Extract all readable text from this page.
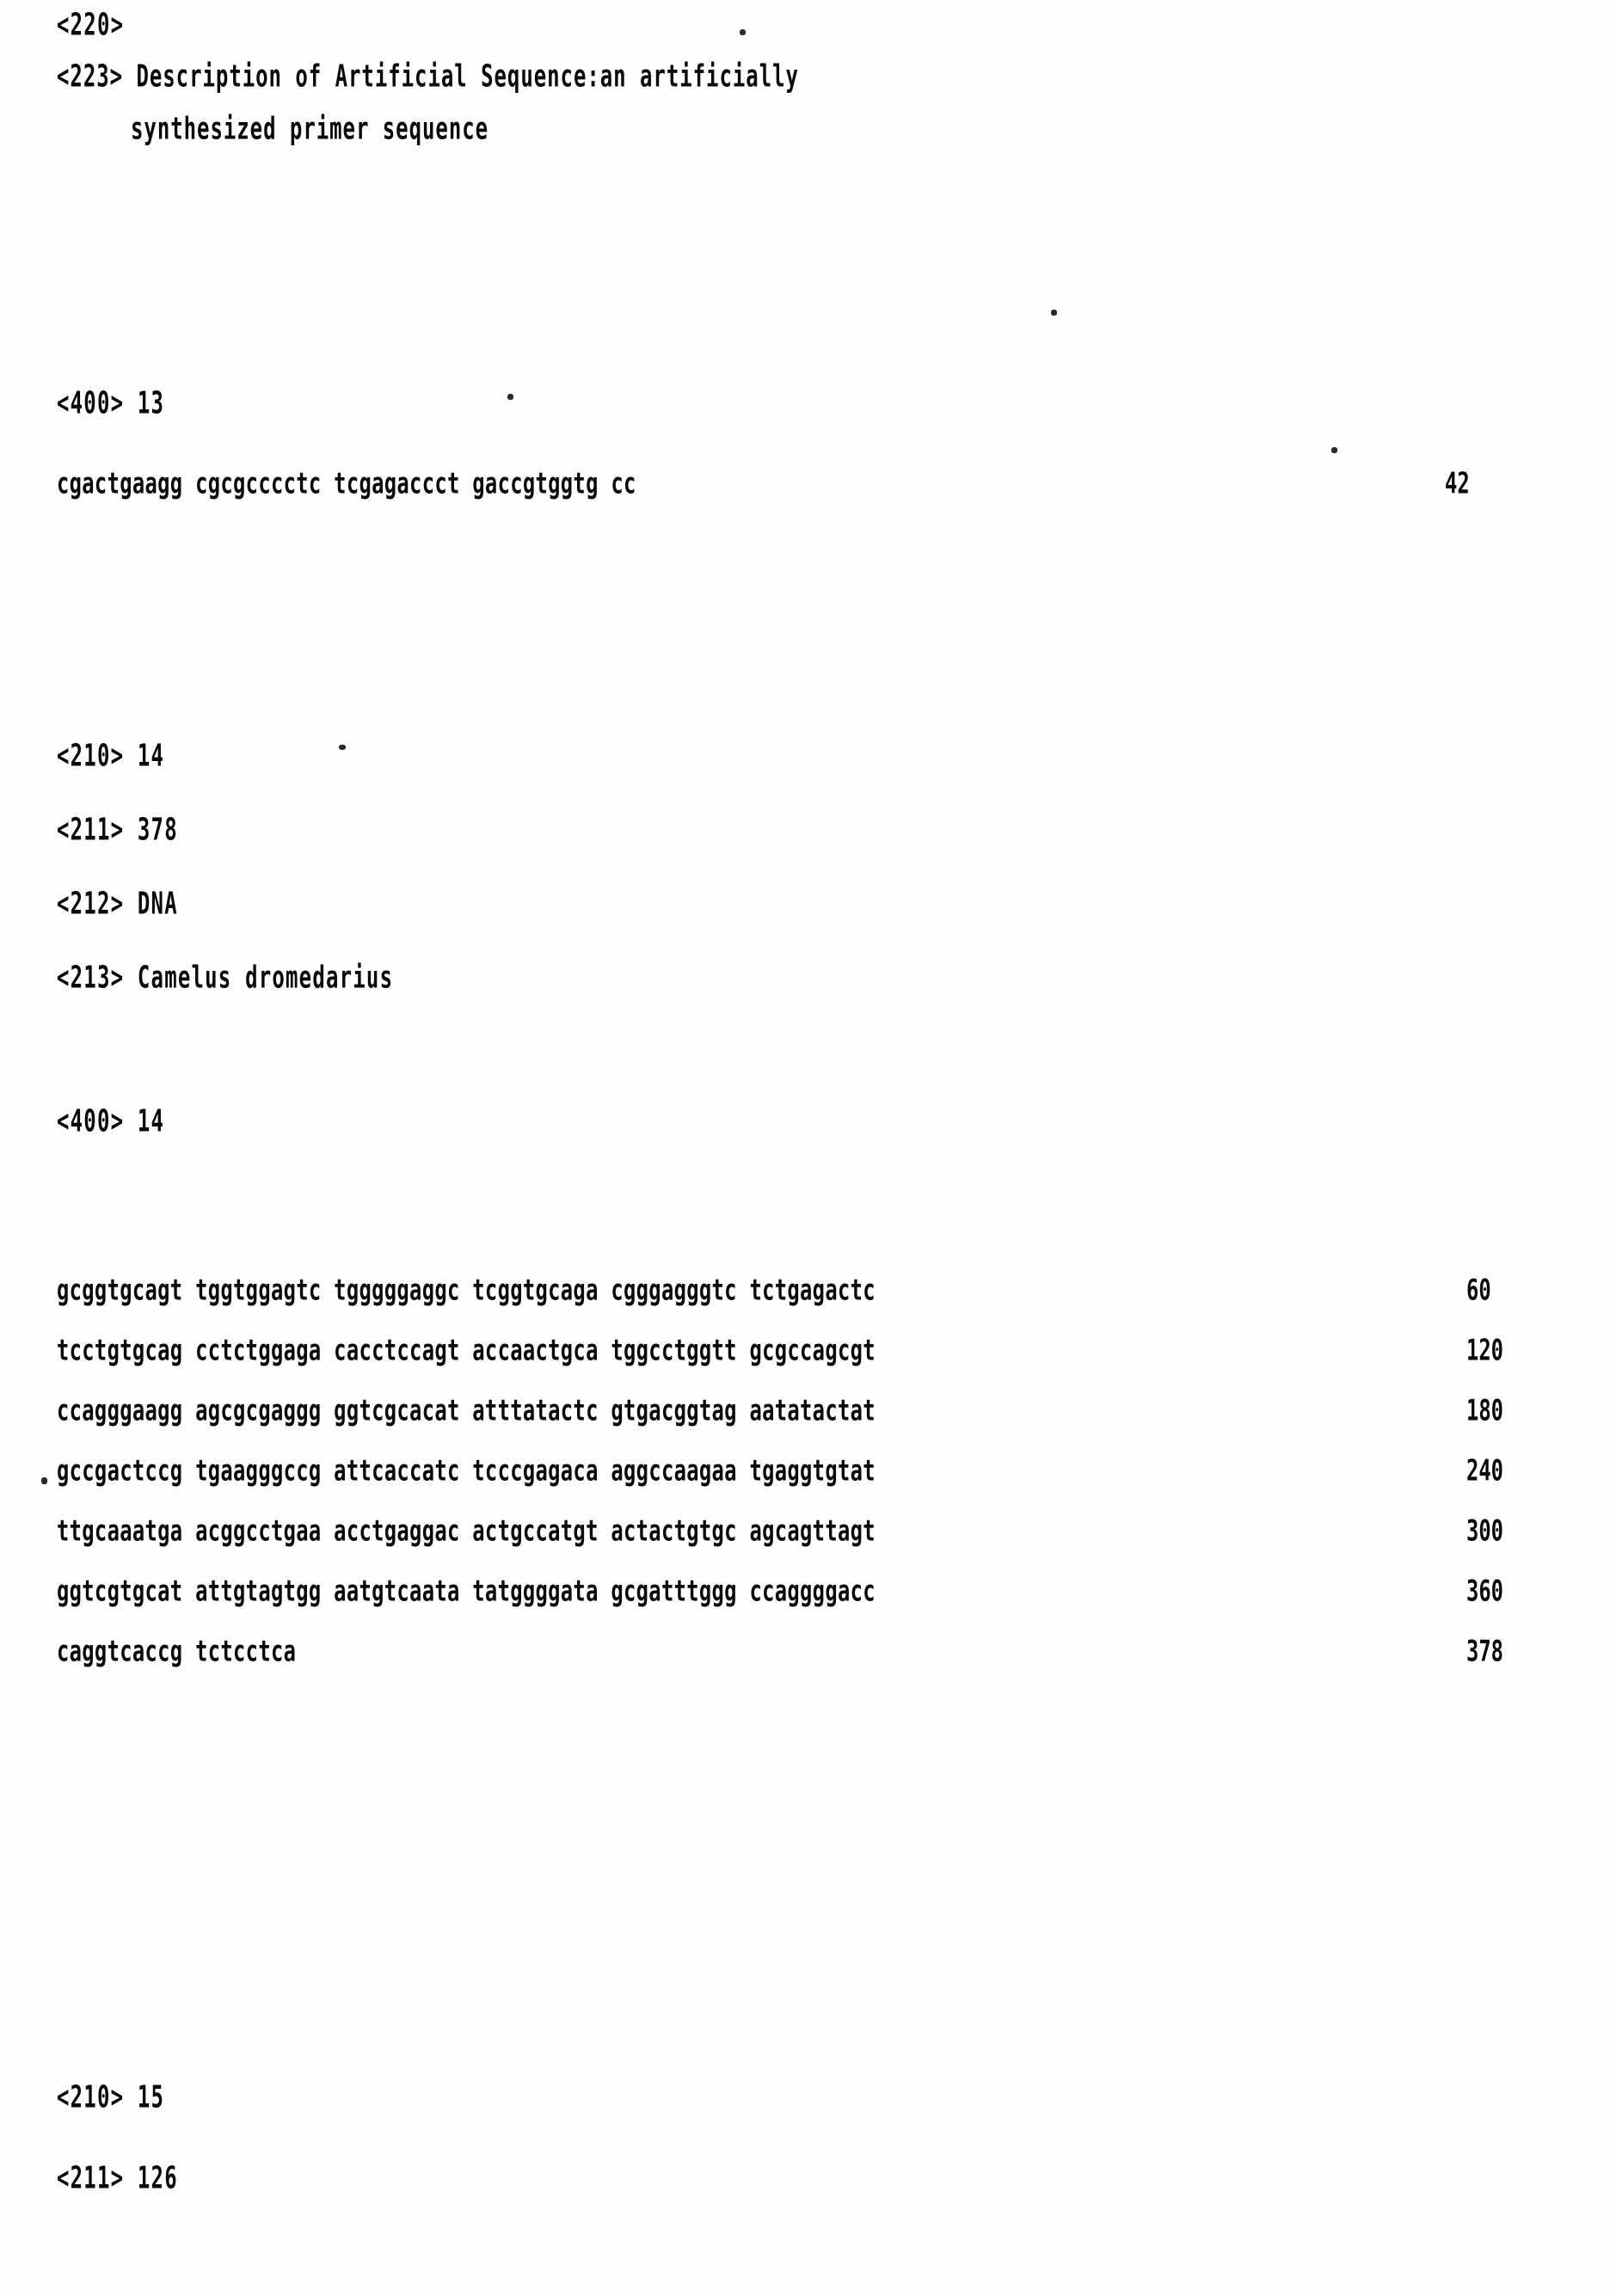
<220>
<223> Description of Artificial Sequence:an artificially
synthesized primer sequence
<400> 13
cgactgaagg cgcgcccctc tcgagaccct gaccgtggtg cc	42
<210> 14
<211> 378
<212> DNA
<213> Camelus dromedarius
<400> 14
gcggtgcagt tggtggagtc tgggggaggc tcggtgcaga cgggagggtc tctgagactc	60
tcctgtgcag cctctggaga cacctccagt accaactgca tggcctggtt gcgccagcgt	120
ccagggaagg agcgcgaggg ggtcgcacat atttatactc gtgacggtag aatatactat	180
gccgactccg tgaagggccg attcaccatc tcccgagaca aggccaagaa tgaggtgtat	240
ttgcaaatga acggcctgaa acctgaggac actgccatgt actactgtgc agcagttagt	300
ggtcgtgcat attgtagtgg aatgtcaata tatggggata gcgatttggg ccaggggacc	360
caggtcaccg tctcctca	378
<210> 15
<211> 126
